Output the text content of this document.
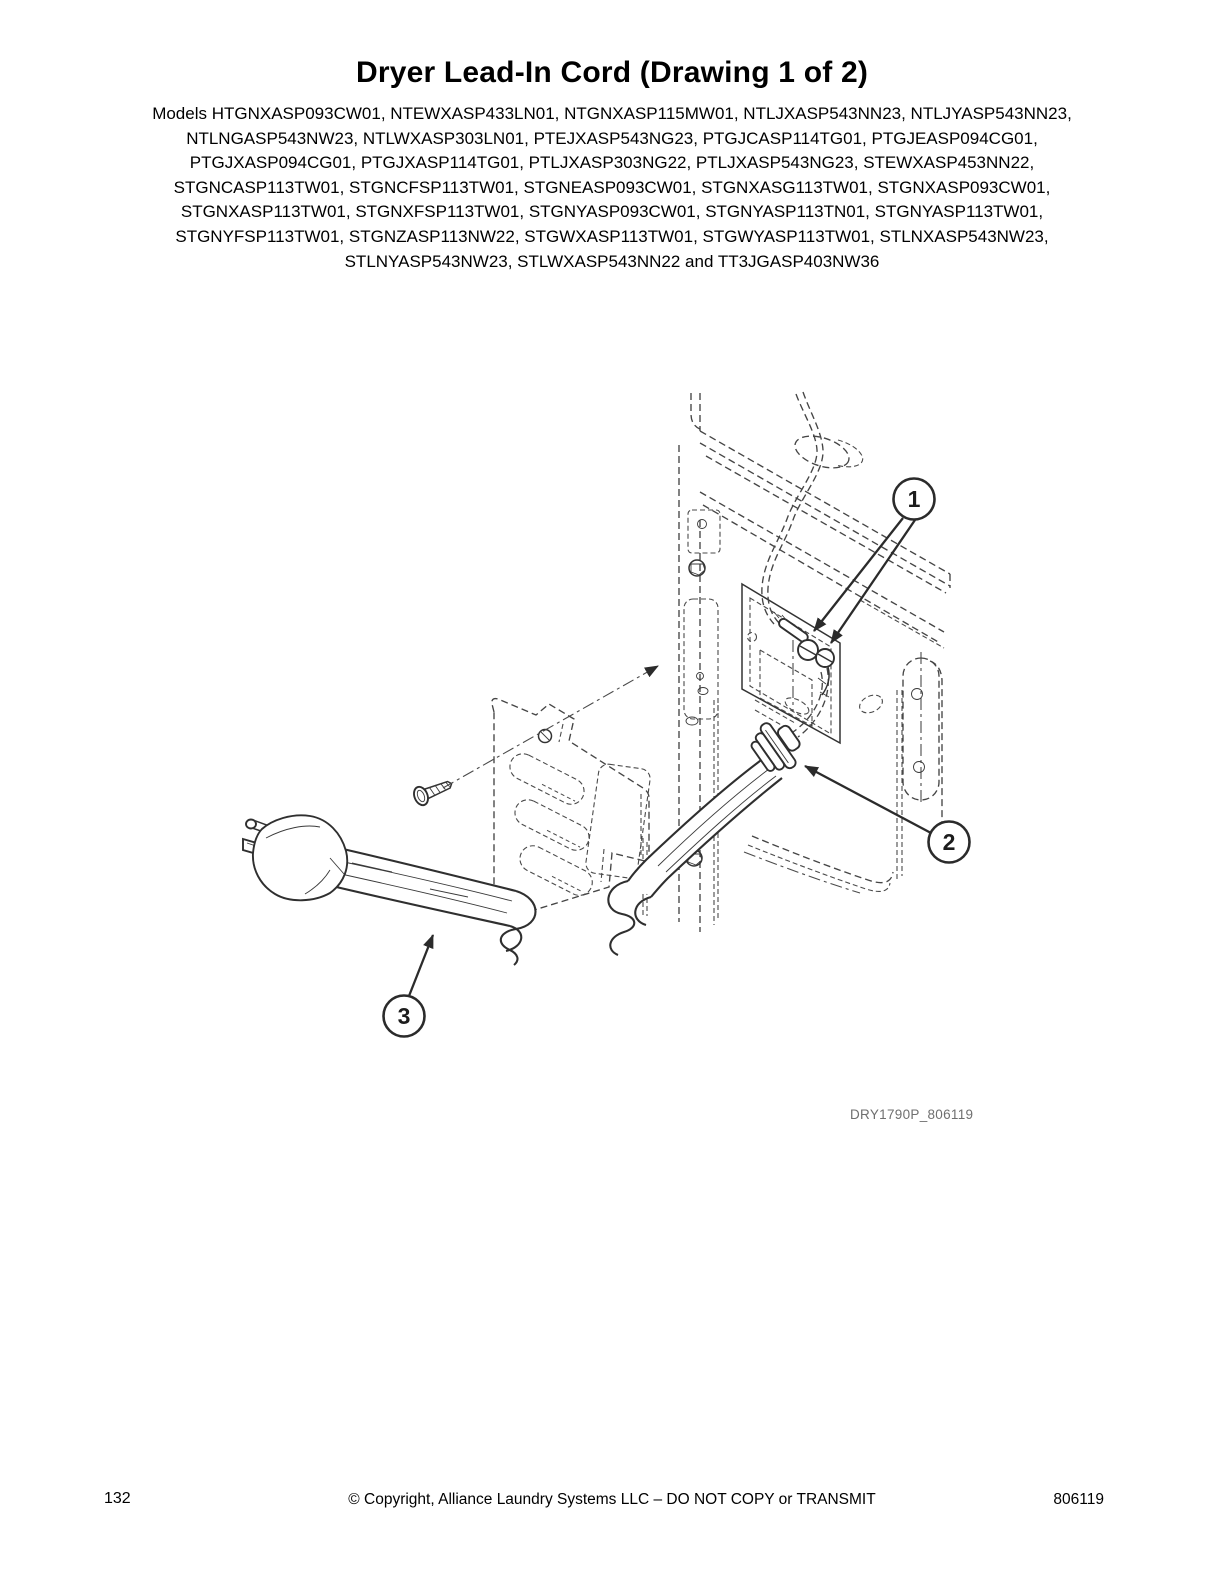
Dryer Lead-In Cord (Drawing 1 of 2)
Models HTGNXASP093CW01, NTEWXASP433LN01, NTGNXASP115MW01, NTLJXASP543NN23, NTLJYASP543NN23,
NTLNGASP543NW23, NTLWXASP303LN01, PTEJXASP543NG23, PTGJCASP114TG01, PTGJEASP094CG01,
PTGJXASP094CG01, PTGJXASP114TG01, PTLJXASP303NG22, PTLJXASP543NG23, STEWXASP453NN22,
STGNCASP113TW01, STGNCFSP113TW01, STGNEASP093CW01, STGNXASG113TW01, STGNXASP093CW01,
STGNXASP113TW01, STGNXFSP113TW01, STGNYASP093CW01, STGNYASP113TN01, STGNYASP113TW01,
STGNYFSP113TW01, STGNZASP113NW22, STGWXASP113TW01, STGWYASP113TW01, STLNXASP543NW23,
STLNYASP543NW23, STLWXASP543NN22 and TT3JGASP403NW36
1
2
3
DRY1790P_806119
132	© Copyright, Alliance Laundry Systems LLC – DO NOT COPY or TRANSMIT	806119
